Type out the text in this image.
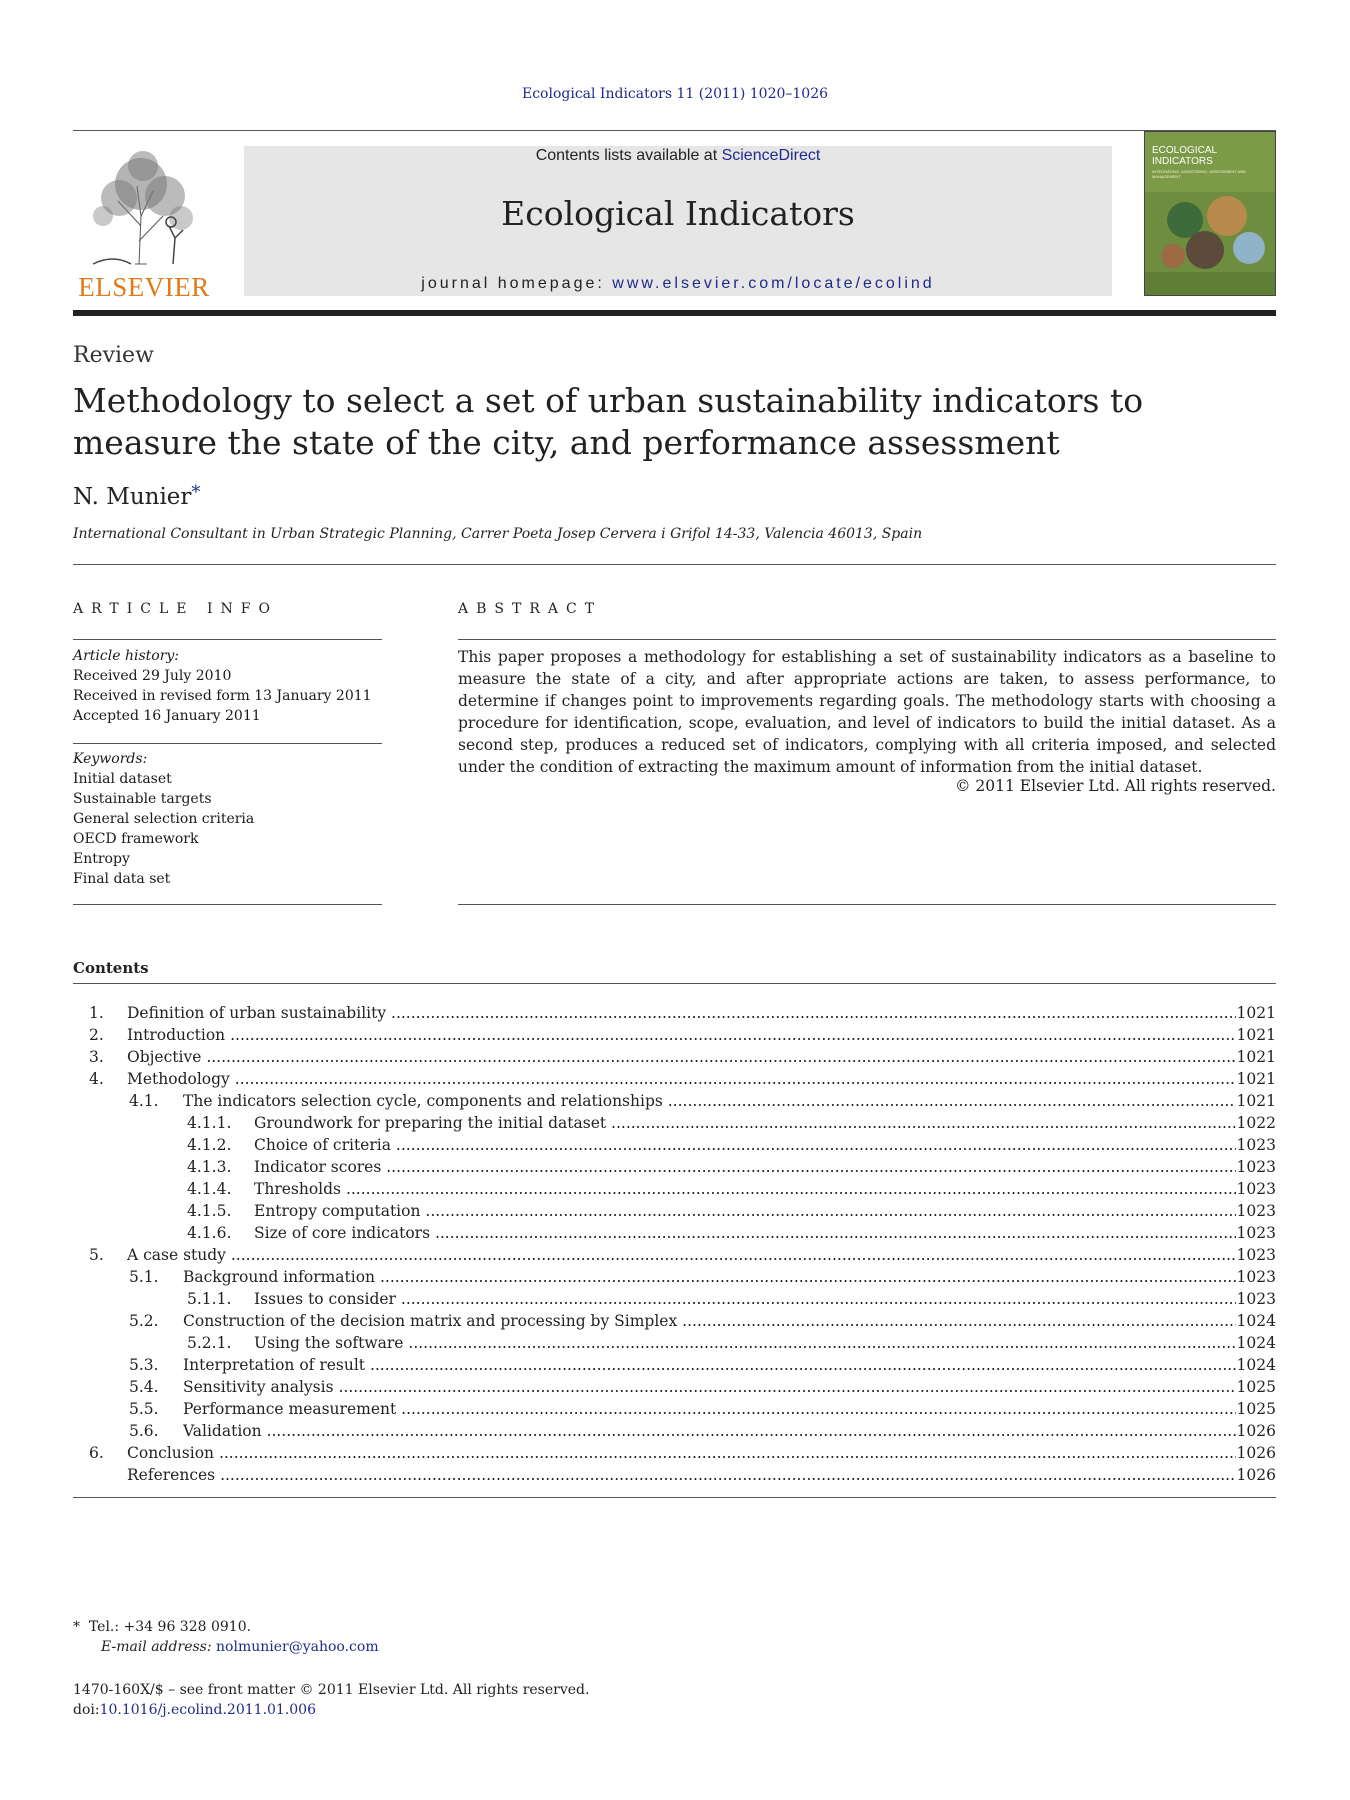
Ecological Indicators 11 (2011) 1020–1026
ELSEVIER
Contents lists available at ScienceDirect
Ecological Indicators
journal homepage: www.elsevier.com/locate/ecolind
ECOLOGICAL INDICATORS
INTEGRATING, MONITORING, ASSESSMENT AND MANAGEMENT
Review
Methodology to select a set of urban sustainability indicators to measure the state of the city, and performance assessment
N. Munier*
International Consultant in Urban Strategic Planning, Carrer Poeta Josep Cervera i Grifol 14-33, Valencia 46013, Spain
ARTICLE INFO
Article history:
Received 29 July 2010
Received in revised form 13 January 2011
Accepted 16 January 2011
Keywords:
Initial dataset
Sustainable targets
General selection criteria
OECD framework
Entropy
Final data set
ABSTRACT
This paper proposes a methodology for establishing a set of sustainability indicators as a baseline to measure the state of a city, and after appropriate actions are taken, to assess performance, to determine if changes point to improvements regarding goals. The methodology starts with choosing a procedure for identification, scope, evaluation, and level of indicators to build the initial dataset. As a second step, produces a reduced set of indicators, complying with all criteria imposed, and selected under the condition of extracting the maximum amount of information from the initial dataset.
© 2011 Elsevier Ltd. All rights reserved.
Contents
1. Definition of urban sustainability .....	1021
2. Introduction .....	1021
3. Objective .....	1021
4. Methodology .....	1021
4.1. The indicators selection cycle, components and relationships .....	1021
4.1.1. Groundwork for preparing the initial dataset .....	1022
4.1.2. Choice of criteria .....	1023
4.1.3. Indicator scores .....	1023
4.1.4. Thresholds .....	1023
4.1.5. Entropy computation .....	1023
4.1.6. Size of core indicators .....	1023
5. A case study .....	1023
5.1. Background information .....	1023
5.1.1. Issues to consider .....	1023
5.2. Construction of the decision matrix and processing by Simplex .....	1024
5.2.1. Using the software .....	1024
5.3. Interpretation of result .....	1024
5.4. Sensitivity analysis .....	1025
5.5. Performance measurement .....	1025
5.6. Validation .....	1026
6. Conclusion .....	1026
References .....	1026
* Tel.: +34 96 328 0910.
E-mail address: nolmunier@yahoo.com
1470-160X/$ – see front matter © 2011 Elsevier Ltd. All rights reserved.
doi:10.1016/j.ecolind.2011.01.006
